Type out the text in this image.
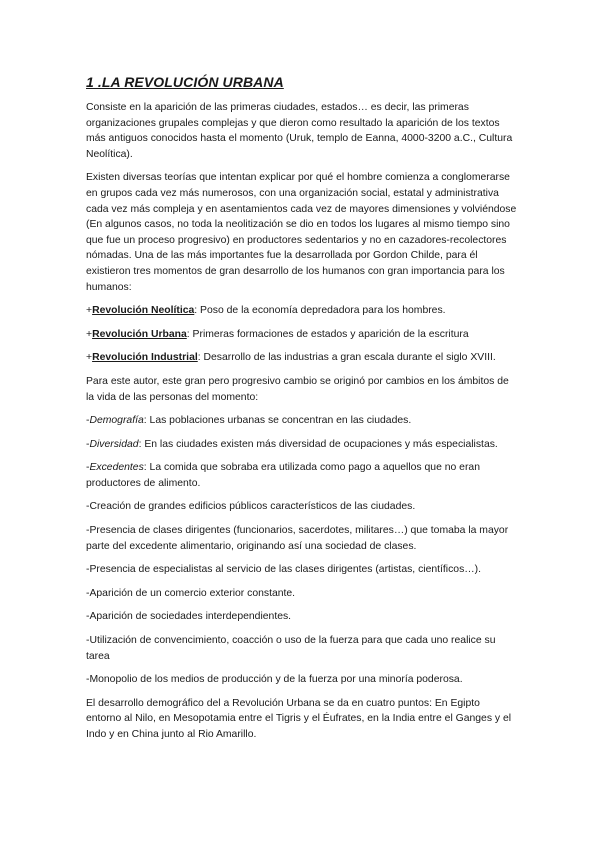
1 .LA REVOLUCIÓN URBANA

Consiste en la aparición de las primeras ciudades, estados… es decir, las primeras organizaciones grupales complejas y que dieron como resultado la aparición de los textos más antiguos conocidos hasta el momento (Uruk, templo de Eanna, 4000-3200 a.C., Cultura Neolítica).

Existen diversas teorías que intentan explicar por qué el hombre comienza a conglomerarse en grupos cada vez más numerosos, con una organización social, estatal y administrativa cada vez más compleja y en asentamientos cada vez de mayores dimensiones y volviéndose (En algunos casos, no toda la neolitización se dio en todos los lugares al mismo tiempo sino que fue un proceso progresivo) en productores sedentarios y no en cazadores-recolectores nómadas. Una de las más importantes fue la desarrollada por Gordon Childe, para él existieron tres momentos de gran desarrollo de los humanos con gran importancia para los humanos:

+Revolución Neolítica: Poso de la economía depredadora para los hombres.

+Revolución Urbana: Primeras formaciones de estados y aparición de la escritura

+Revolución Industrial: Desarrollo de las industrias a gran escala durante el siglo XVIII.

Para este autor, este gran pero progresivo cambio se originó por cambios en los ámbitos de la vida de las personas del momento:

-Demografía: Las poblaciones urbanas se concentran en las ciudades.

-Diversidad: En las ciudades existen más diversidad de ocupaciones y más especialistas.

-Excedentes: La comida que sobraba era utilizada como pago a aquellos que no eran productores de alimento.

-Creación de grandes edificios públicos característicos de las ciudades.

-Presencia de clases dirigentes (funcionarios, sacerdotes, militares…) que tomaba la mayor parte del excedente alimentario, originando así una sociedad de clases.

-Presencia de especialistas al servicio de las clases dirigentes (artistas, científicos…).

-Aparición de un comercio exterior constante.

-Aparición de sociedades interdependientes.

-Utilización de convencimiento, coacción o uso de la fuerza para que cada uno realice su tarea

-Monopolio de los medios de producción y de la fuerza por una minoría poderosa.

El desarrollo demográfico del a Revolución Urbana se da en cuatro puntos: En Egipto entorno al Nilo, en Mesopotamia entre el Tigris y el Éufrates, en la India entre el Ganges y el Indo y en China junto al Rio Amarillo.
